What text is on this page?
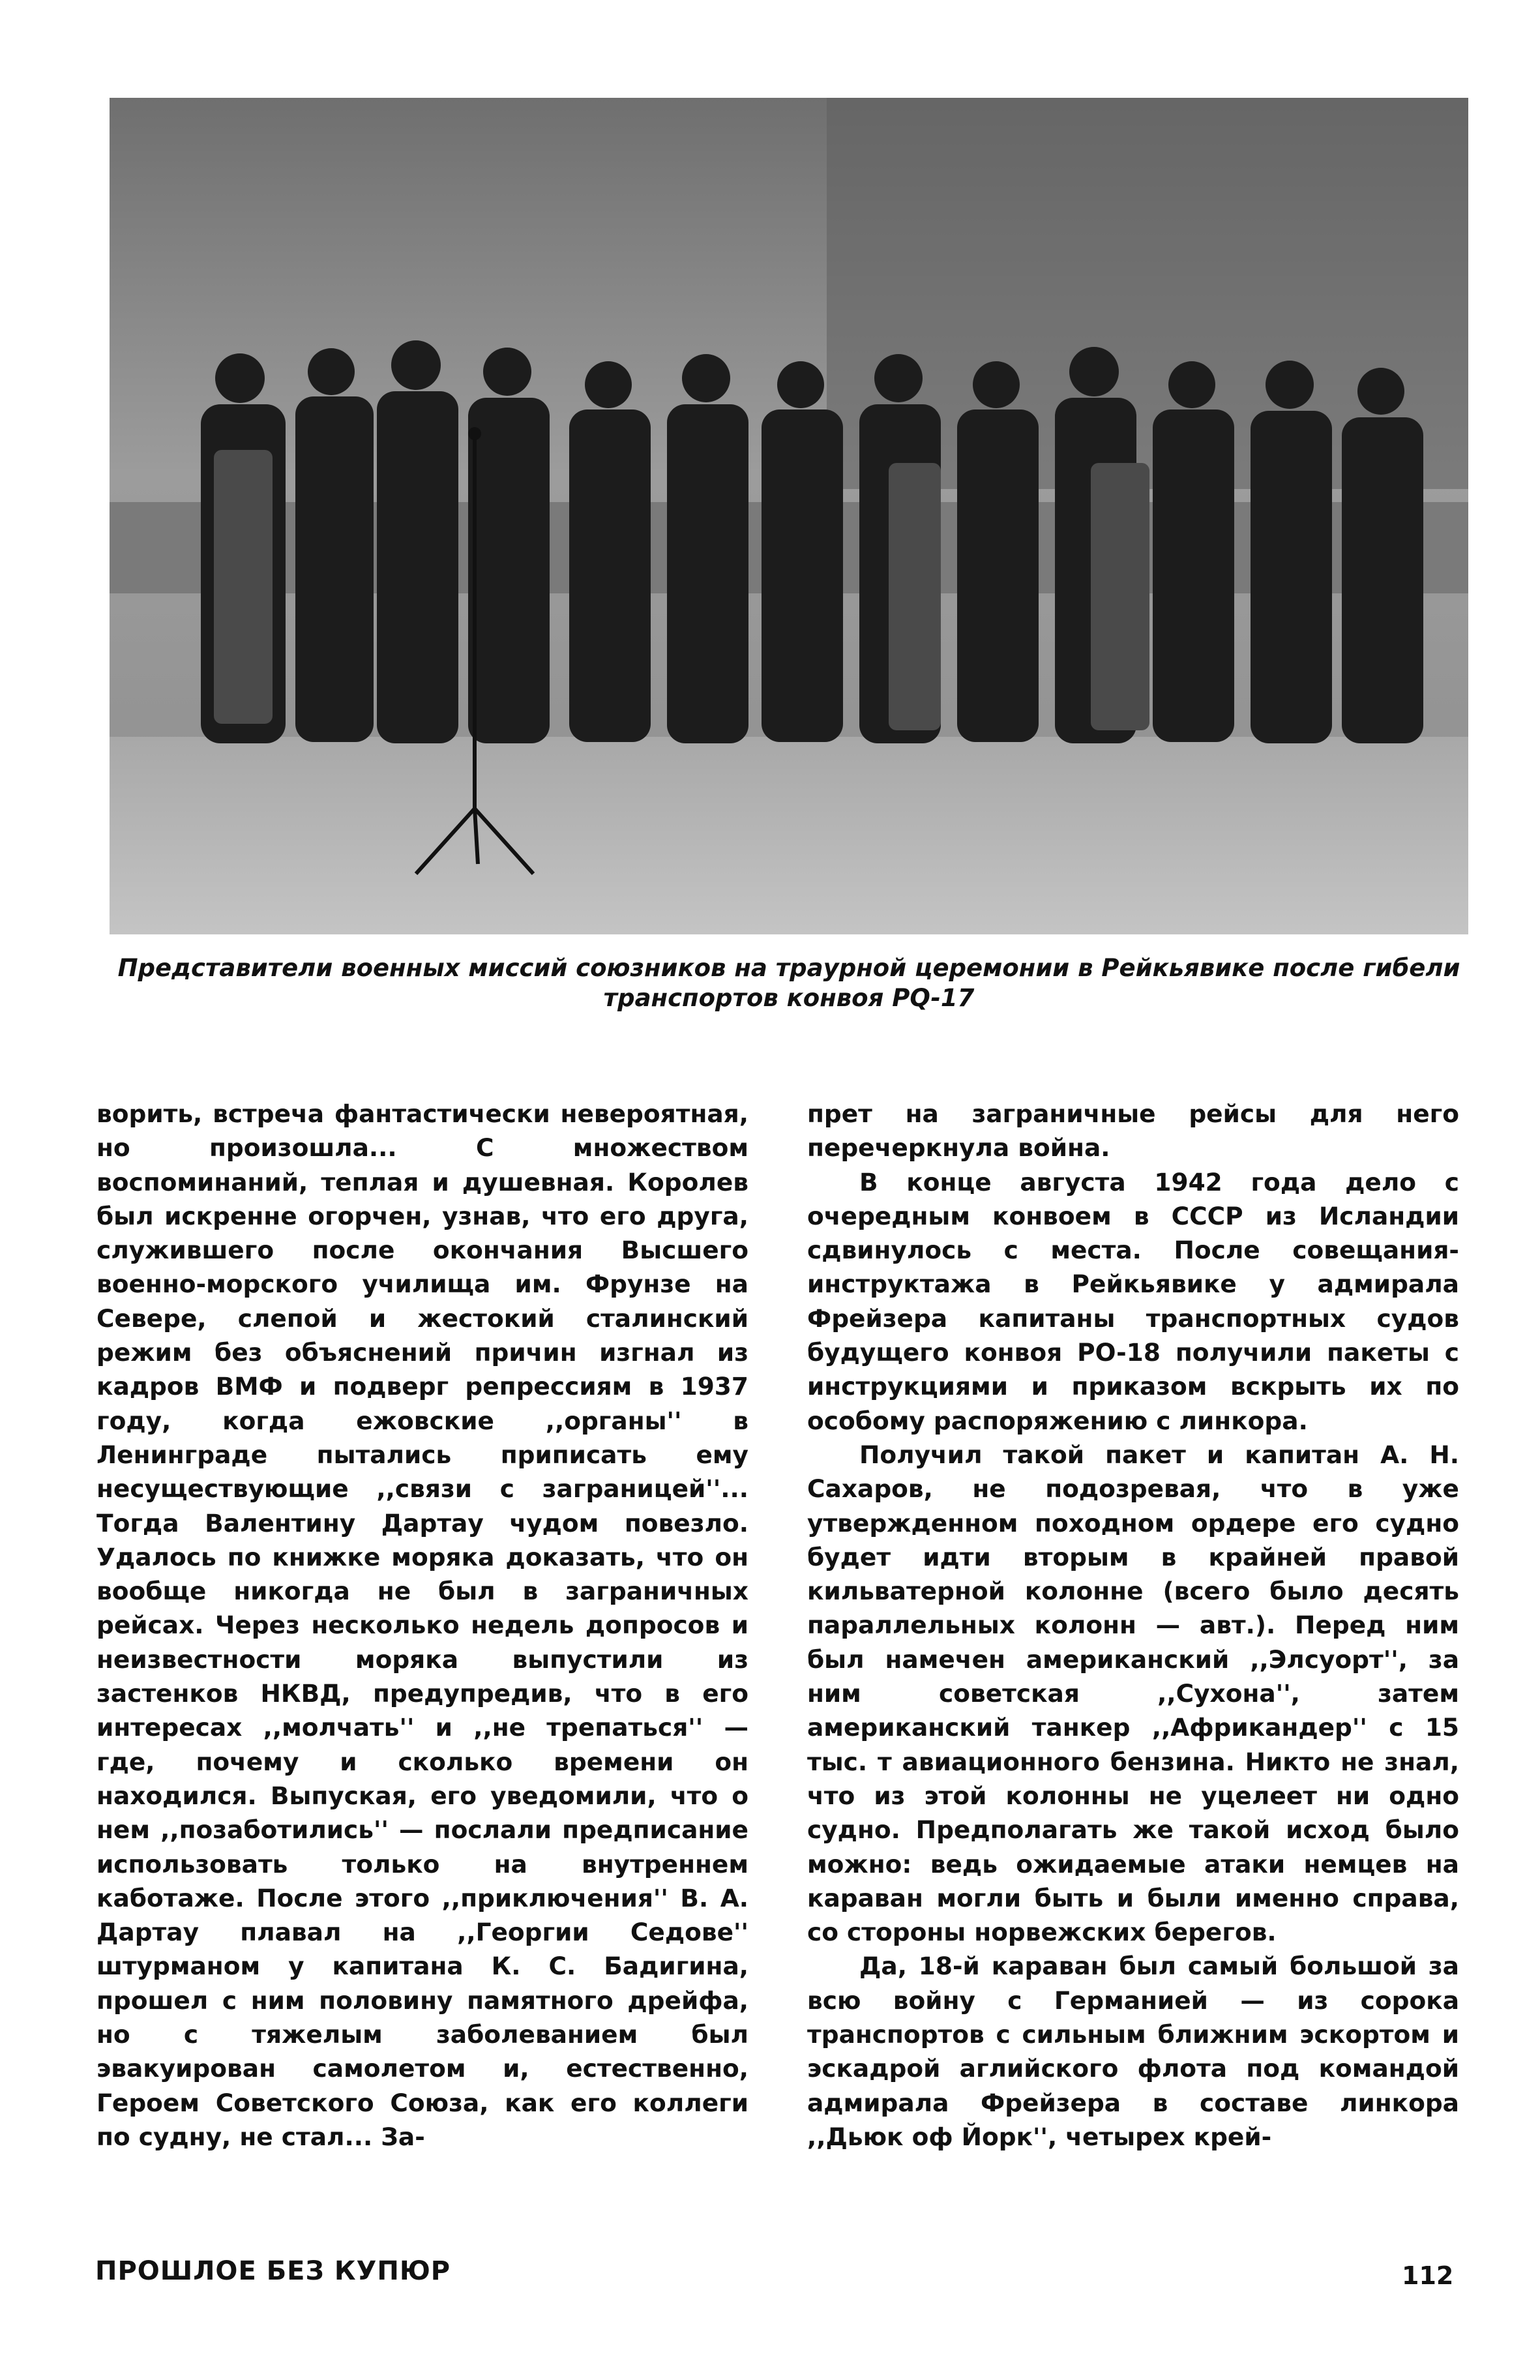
Представители военных миссий союзников на траурной церемонии в Рейкьявике после гибели транспортов конвоя PQ-17

ворить, встреча фантастически невероятная, но произошла... С множеством воспоминаний, теплая и душевная. Королев был искренне огорчен, узнав, что его друга, служившего после окончания Высшего военно-морского училища им. Фрунзе на Севере, слепой и жестокий сталинский режим без объяснений причин изгнал из кадров ВМФ и подверг репрессиям в 1937 году, когда ежовские ,,органы'' в Ленинграде пытались приписать ему несуществующие ,,связи с заграницей''... Тогда Валентину Дартау чудом повезло. Удалось по книжке моряка доказать, что он вообще никогда не был в заграничных рейсах. Через несколько недель допросов и неизвестности моряка выпустили из застенков НКВД, предупредив, что в его интересах ,,молчать'' и ,,не трепаться'' — где, почему и сколько времени он находился. Выпуская, его уведомили, что о нем ,,позаботились'' — послали предписание использовать только на внутреннем каботаже. После этого ,,приключения'' В. А. Дартау плавал на ,,Георгии Седове'' штурманом у капитана К. С. Бадигина, прошел с ним половину памятного дрейфа, но с тяжелым заболеванием был эвакуирован самолетом и, естественно, Героем Советского Союза, как его коллеги по судну, не стал... За-

прет на заграничные рейсы для него перечеркнула война.

В конце августа 1942 года дело с очередным конвоем в СССР из Исландии сдвинулось с места. После совещания-инструктажа в Рейкьявике у адмирала Фрейзера капитаны транспортных судов будущего конвоя PO-18 получили пакеты с инструкциями и приказом вскрыть их по особому распоряжению с линкора.

Получил такой пакет и капитан А. Н. Сахаров, не подозревая, что в уже утвержденном походном ордере его судно будет идти вторым в крайней правой кильватерной колонне (всего было десять параллельных колонн — авт.). Перед ним был намечен американский ,,Элсуорт'', за ним советская ,,Сухона'', затем американский танкер ,,Африкандер'' с 15 тыс. т авиационного бензина. Никто не знал, что из этой колонны не уцелеет ни одно судно. Предполагать же такой исход было можно: ведь ожидаемые атаки немцев на караван могли быть и были именно справа, со стороны норвежских берегов.

Да, 18-й караван был самый большой за всю войну с Германией — из сорока транспортов с сильным ближним эскортом и эскадрой аглийского флота под командой адмирала Фрейзера в составе линкора ,,Дьюк оф Йорк'', четырех крей-

ПРОШЛОЕ БЕЗ КУПЮР	112
